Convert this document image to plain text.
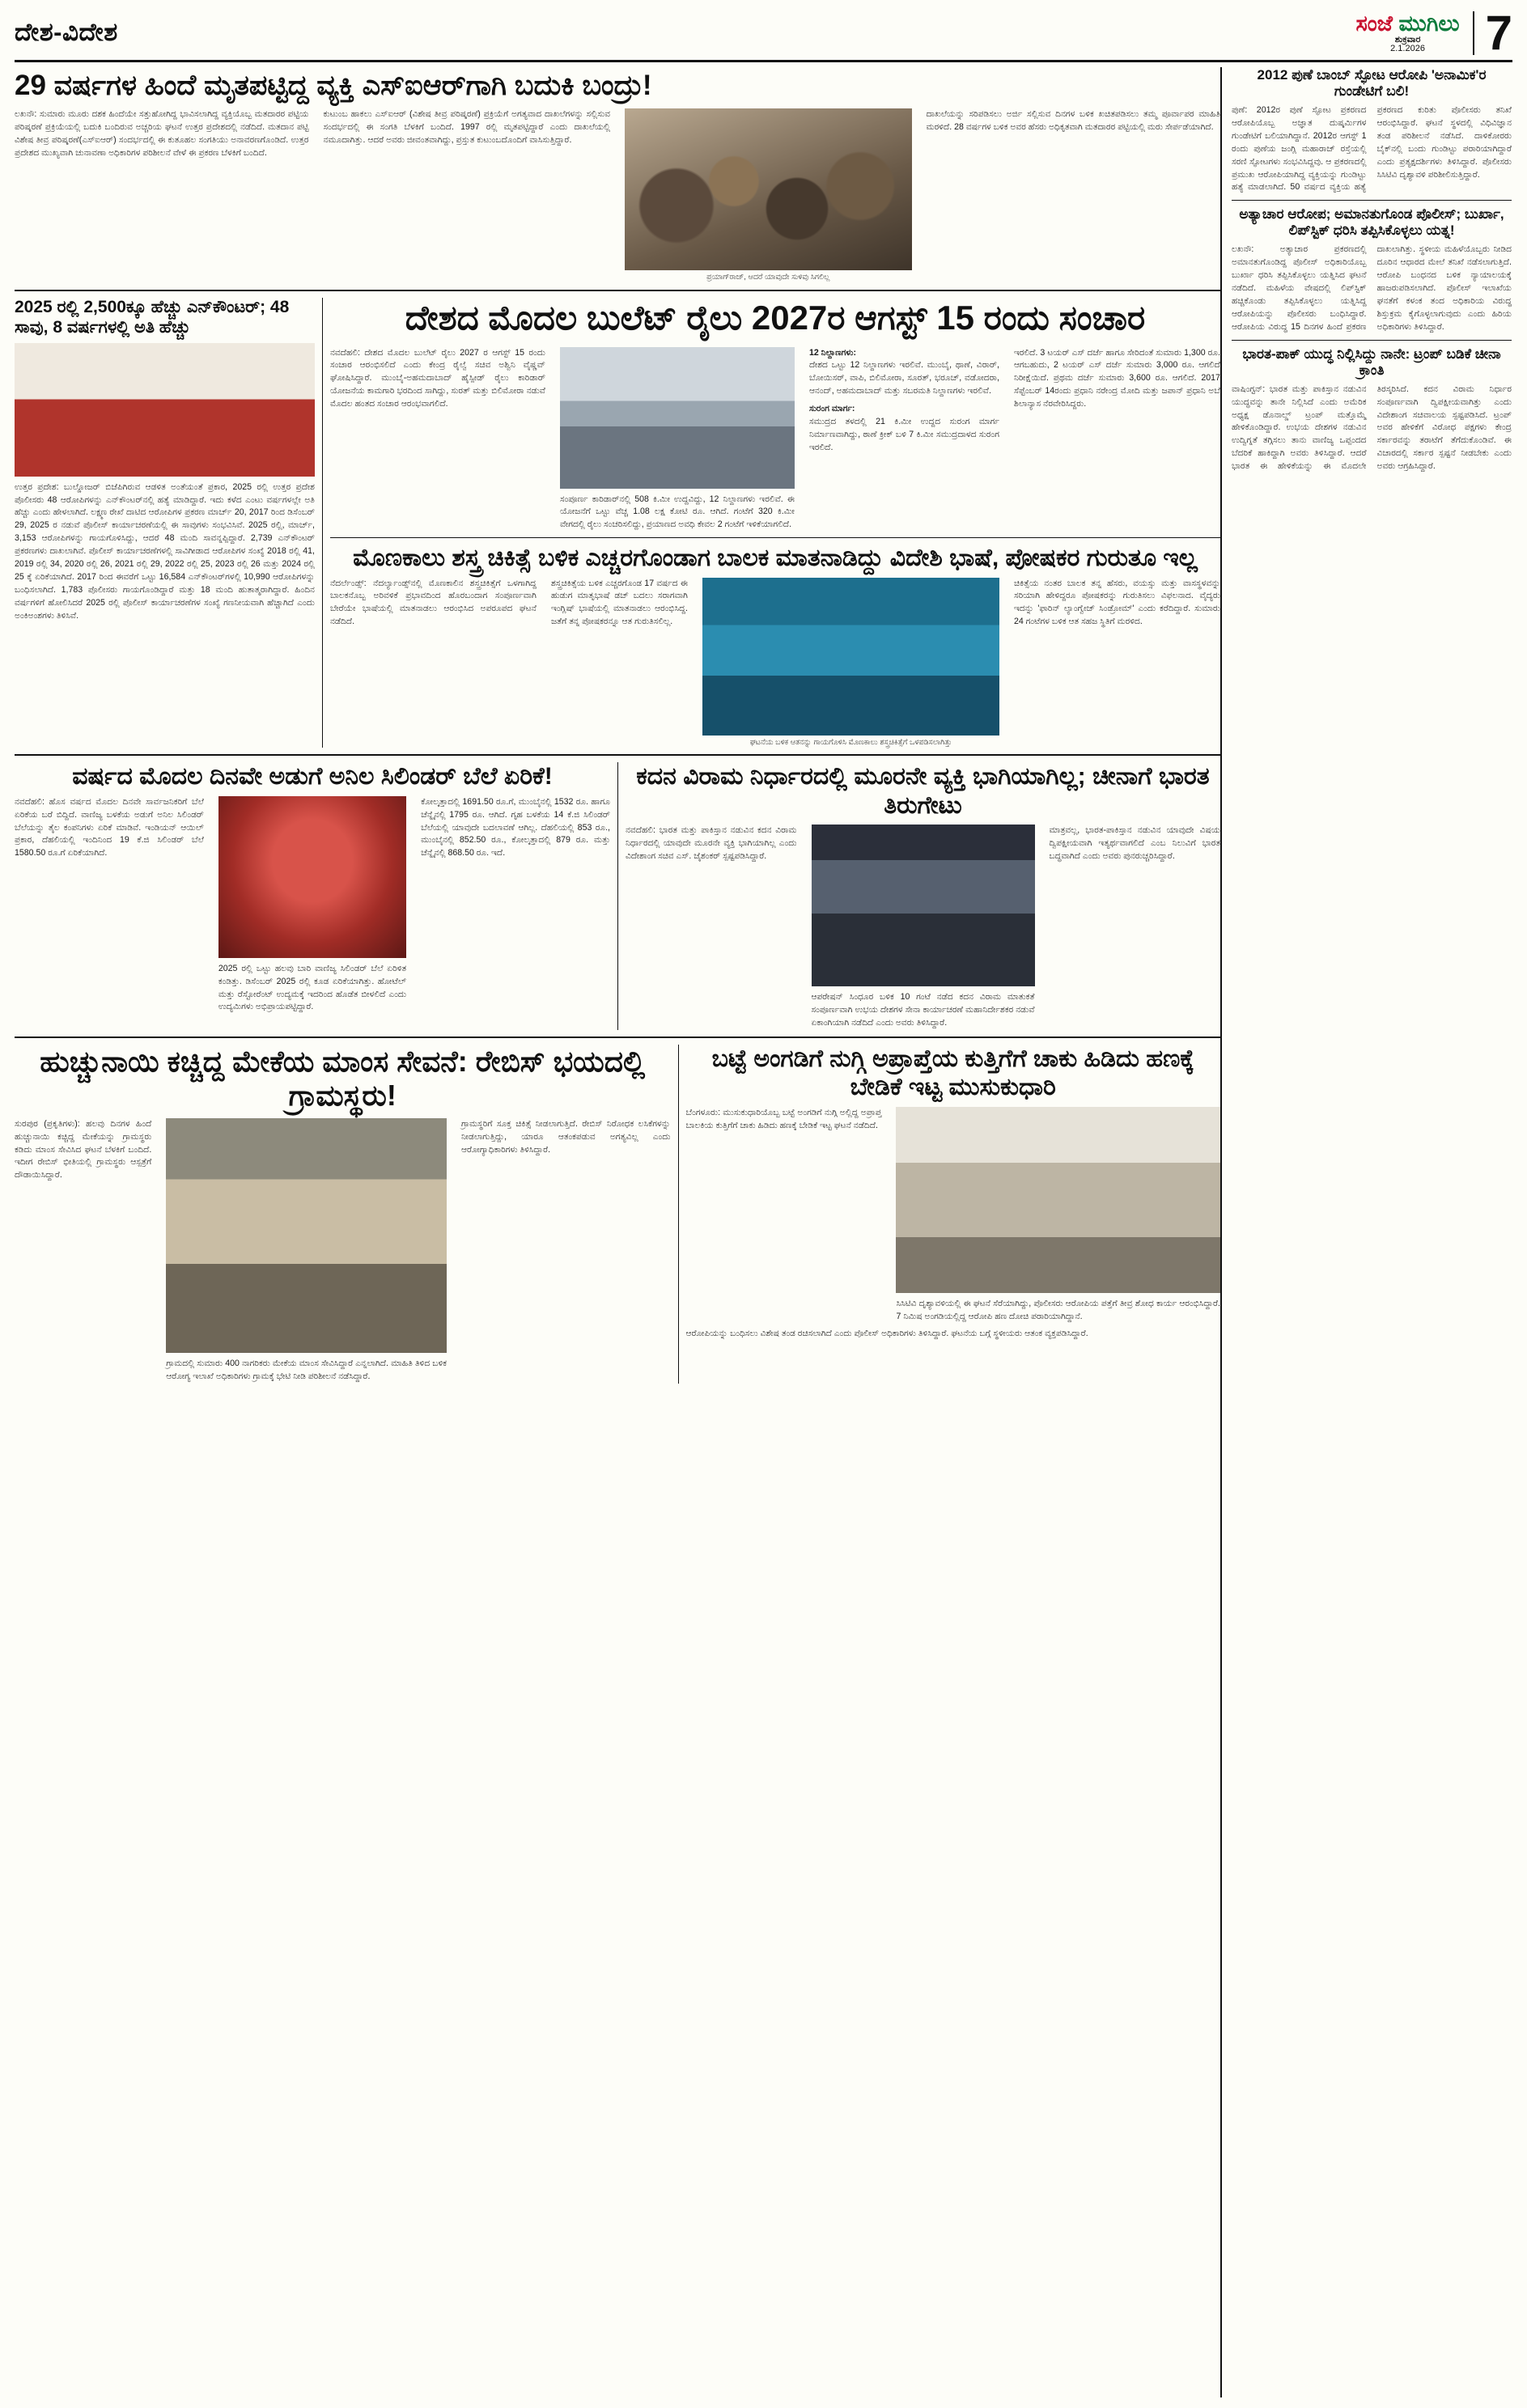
ದೇಶ-ವಿದೇಶ	ಸಂಜೆ ಮುಗಿಲು
ಶುಕ್ರವಾರ
2.1.2026	7
29 ವರ್ಷಗಳ ಹಿಂದೆ ಮೃತಪಟ್ಟಿದ್ದ ವ್ಯಕ್ತಿ ಎಸ್‌ಐಆರ್‌ಗಾಗಿ ಬದುಕಿ ಬಂದ್ರು!
ಲಖನೌ: ಸುಮಾರು ಮೂರು ದಶಕ ಹಿಂದೆಯೇ ಸತ್ತುಹೋಗಿದ್ದ ಭಾವಿಸಲಾಗಿದ್ದ ವ್ಯಕ್ತಿಯೊಬ್ಬ ಮತದಾರರ ಪಟ್ಟಿಯ ಪರಿಷ್ಕರಣೆ ಪ್ರಕ್ರಿಯೆಯಲ್ಲಿ ಬದುಕಿ ಬಂದಿರುವ ಅಚ್ಚರಿಯ ಘಟನೆ ಉತ್ತರ ಪ್ರದೇಶದಲ್ಲಿ ನಡೆದಿದೆ. ಮತದಾನ ಪಟ್ಟಿ ವಿಶೇಷ ತೀವ್ರ ಪರಿಷ್ಕರಣೆ(ಎಸ್‌ಐಆರ್) ಸಂದರ್ಭದಲ್ಲಿ ಈ ಕುತೂಹಲ ಸಂಗತಿಯು ಅನಾವರಣಗೊಂಡಿದೆ. ಉತ್ತರ ಪ್ರದೇಶದ ಮುಖ್ಯವಾಗಿ ಚುನಾವಣಾ ಅಧಿಕಾರಿಗಳ ಪರಿಶೀಲನೆ ವೇಳೆ ಈ ಪ್ರಕರಣ ಬೆಳಕಿಗೆ ಬಂದಿದೆ.
ಕುಟುಂಬ ಹಾಕಲು ಎಸ್‌ಐಆರ್ (ವಿಶೇಷ ತೀವ್ರ ಪರಿಷ್ಕರಣೆ) ಪ್ರಕ್ರಿಯೆಗೆ ಅಗತ್ಯವಾದ ದಾಖಲೆಗಳನ್ನು ಸಲ್ಲಿಸುವ ಸಂದರ್ಭದಲ್ಲಿ ಈ ಸಂಗತಿ ಬೆಳಕಿಗೆ ಬಂದಿದೆ. 1997 ರಲ್ಲಿ ಮೃತಪಟ್ಟಿದ್ದಾರೆ ಎಂದು ದಾಖಲೆಯಲ್ಲಿ ನಮೂದಾಗಿತ್ತು. ಆದರೆ ಅವರು ಜೀವಂತವಾಗಿದ್ದು, ಪ್ರಸ್ತುತ ಕುಟುಂಬದೊಂದಿಗೆ ವಾಸಿಸುತ್ತಿದ್ದಾರೆ.
ಪ್ರಯಾಗ್‌ರಾಜ್, ಆದರೆ ಯಾವುದೇ ಸುಳಿವು ಸಿಗಲಿಲ್ಲ
ದಾಖಲೆಯನ್ನು ಸರಿಪಡಿಸಲು ಅರ್ಜಿ ಸಲ್ಲಿಸುವ ದಿನಗಳ ಬಳಿಕ ಖಚಿತಪಡಿಸಲು ತಮ್ಮ ಪೂರ್ವಾಪರ ಮಾಹಿತಿ ಮರಳಿದೆ. 28 ವರ್ಷಗಳ ಬಳಿಕ ಅವರ ಹೆಸರು ಅಧಿಕೃತವಾಗಿ ಮತದಾರರ ಪಟ್ಟಿಯಲ್ಲಿ ಮರು ಸೇರ್ಪಡೆಯಾಗಿದೆ.
2025 ರಲ್ಲಿ 2,500ಕ್ಕೂ ಹೆಚ್ಚು ಎನ್‌ಕೌಂಟರ್; 48 ಸಾವು, 8 ವರ್ಷಗಳಲ್ಲಿ ಅತಿ ಹೆಚ್ಚು
ಉತ್ತರ ಪ್ರದೇಶ: ಬುಲ್ಡೋಜರ್ ಬಿಜೆಪಿಗಿರುವ ಆಡಳಿತ ಅಂತೆಯಂತೆ ಪ್ರಕಾರ, 2025 ರಲ್ಲಿ ಉತ್ತರ ಪ್ರದೇಶ ಪೊಲೀಸರು 48 ಆರೋಪಿಗಳನ್ನು ಎನ್‌ಕೌಂಟರ್‌ನಲ್ಲಿ ಹತ್ಯೆ ಮಾಡಿದ್ದಾರೆ. ಇದು ಕಳೆದ ಎಂಟು ವರ್ಷಗಳಲ್ಲೇ ಅತಿ ಹೆಚ್ಚು ಎಂದು ಹೇಳಲಾಗಿದೆ. ಲಕ್ಷ್ಮಣ ರೇಖೆ ದಾಟಿದ ಆರೋಪಿಗಳ ಪ್ರಕರಣ ಮಾರ್ಚ್ 20, 2017 ರಿಂದ ಡಿಸೆಂಬರ್ 29, 2025 ರ ನಡುವೆ ಪೊಲೀಸ್ ಕಾರ್ಯಾಚರಣೆಯಲ್ಲಿ ಈ ಸಾವುಗಳು ಸಂಭವಿಸಿವೆ. 2025 ರಲ್ಲಿ, ಮಾರ್ಚ್, 3,153 ಆರೋಪಿಗಳನ್ನು ಗಾಯಗೊಳಿಸಿದ್ದು, ಆದರೆ 48 ಮಂದಿ ಸಾವನ್ನಪ್ಪಿದ್ದಾರೆ. 2,739 ಎನ್‌ಕೌಂಟರ್ ಪ್ರಕರಣಗಳು ದಾಖಲಾಗಿವೆ. ಪೊಲೀಸ್ ಕಾರ್ಯಾಚರಣೆಗಳಲ್ಲಿ ಸಾವಿಗೀಡಾದ ಆರೋಪಿಗಳ ಸಂಖ್ಯೆ 2018 ರಲ್ಲಿ 41, 2019 ರಲ್ಲಿ 34, 2020 ರಲ್ಲಿ 26, 2021 ರಲ್ಲಿ 29, 2022 ರಲ್ಲಿ 25, 2023 ರಲ್ಲಿ 26 ಮತ್ತು 2024 ರಲ್ಲಿ 25 ಕ್ಕೆ ಏರಿಕೆಯಾಗಿದೆ. 2017 ರಿಂದ ಈವರೆಗೆ ಒಟ್ಟು 16,584 ಎನ್‌ಕೌಂಟರ್‌ಗಳಲ್ಲಿ 10,990 ಆರೋಪಿಗಳನ್ನು ಬಂಧಿಸಲಾಗಿದೆ. 1,783 ಪೊಲೀಸರು ಗಾಯಗೊಂಡಿದ್ದಾರೆ ಮತ್ತು 18 ಮಂದಿ ಹುತಾತ್ಮರಾಗಿದ್ದಾರೆ. ಹಿಂದಿನ ವರ್ಷಗಳಿಗೆ ಹೋಲಿಸಿದರೆ 2025 ರಲ್ಲಿ ಪೊಲೀಸ್ ಕಾರ್ಯಾಚರಣೆಗಳ ಸಂಖ್ಯೆ ಗಣನೀಯವಾಗಿ ಹೆಚ್ಚಾಗಿದೆ ಎಂದು ಅಂಕಿಅಂಶಗಳು ತಿಳಿಸಿವೆ.
ದೇಶದ ಮೊದಲ ಬುಲೆಟ್ ರೈಲು 2027ರ ಆಗಸ್ಟ್ 15 ರಂದು ಸಂಚಾರ
ನವದೆಹಲಿ: ದೇಶದ ಮೊದಲ ಬುಲೆಟ್ ರೈಲು 2027 ರ ಆಗಸ್ಟ್ 15 ರಂದು ಸಂಚಾರ ಆರಂಭಿಸಲಿದೆ ಎಂದು ಕೇಂದ್ರ ರೈಲ್ವೆ ಸಚಿವ ಅಶ್ವಿನಿ ವೈಷ್ಣವ್ ಘೋಷಿಸಿದ್ದಾರೆ. ಮುಂಬೈ-ಅಹಮದಾಬಾದ್ ಹೈಸ್ಪೀಡ್ ರೈಲು ಕಾರಿಡಾರ್ ಯೋಜನೆಯ ಕಾಮಗಾರಿ ಭರದಿಂದ ಸಾಗಿದ್ದು, ಸುರತ್ ಮತ್ತು ಬಿಲಿಮೋರಾ ನಡುವೆ ಮೊದಲ ಹಂತದ ಸಂಚಾರ ಆರಂಭವಾಗಲಿದೆ.
ಸಂಪೂರ್ಣ ಕಾರಿಡಾರ್‌ನಲ್ಲಿ 508 ಕಿ.ಮೀ ಉದ್ದವಿದ್ದು, 12 ನಿಲ್ದಾಣಗಳು ಇರಲಿವೆ. ಈ ಯೋಜನೆಗೆ ಒಟ್ಟು ವೆಚ್ಚ 1.08 ಲಕ್ಷ ಕೋಟಿ ರೂ. ಆಗಿದೆ. ಗಂಟೆಗೆ 320 ಕಿ.ಮೀ ವೇಗದಲ್ಲಿ ರೈಲು ಸಂಚರಿಸಲಿದ್ದು, ಪ್ರಯಾಣದ ಅವಧಿ ಕೇವಲ 2 ಗಂಟೆಗೆ ಇಳಿಕೆಯಾಗಲಿದೆ.
12 ನಿಲ್ದಾಣಗಳು:
ದೇಶದ ಒಟ್ಟು 12 ನಿಲ್ದಾಣಗಳು ಇರಲಿವೆ. ಮುಂಬೈ, ಥಾಣೆ, ವಿರಾರ್, ಬೋಯಿಸರ್, ವಾಪಿ, ಬಿಲಿಮೋರಾ, ಸೂರತ್, ಭರೂಚ್, ವಡೋದರಾ, ಆನಂದ್, ಅಹಮದಾಬಾದ್ ಮತ್ತು ಸಬರಮತಿ ನಿಲ್ದಾಣಗಳು ಇರಲಿವೆ.
ಸುರಂಗ ಮಾರ್ಗ:
ಸಮುದ್ರದ ತಳದಲ್ಲಿ 21 ಕಿ.ಮೀ ಉದ್ದದ ಸುರಂಗ ಮಾರ್ಗ ನಿರ್ಮಾಣವಾಗಿದ್ದು, ಠಾಣೆ ಕ್ರೀಕ್ ಬಳಿ 7 ಕಿ.ಮೀ ಸಮುದ್ರದಾಳದ ಸುರಂಗ ಇರಲಿದೆ.
ಇರಲಿದೆ. 3 ಟಯರ್ ಎಸ್ ದರ್ಜೆ ಹಾಗೂ ಸೇರಿದಂತೆ ಸುಮಾರು 1,300 ರೂ. ಆಗಬಹುದು, 2 ಟಯರ್ ಎಸ್ ದರ್ಜೆ ಸುಮಾರು 3,000 ರೂ. ಆಗಲಿದೆ ನಿರೀಕ್ಷೆಯಿದೆ. ಪ್ರಥಮ ದರ್ಜೆ ಸುಮಾರು 3,600 ರೂ. ಆಗಲಿದೆ. 2017 ಸೆಪ್ಟೆಂಬರ್ 14ರಂದು ಪ್ರಧಾನಿ ನರೇಂದ್ರ ಮೋದಿ ಮತ್ತು ಜಪಾನ್ ಪ್ರಧಾನಿ ಅಬೆ ಶಿಲಾನ್ಯಾಸ ನೆರವೇರಿಸಿದ್ದರು.
ಮೊಣಕಾಲು ಶಸ್ತ್ರ ಚಿಕಿತ್ಸೆ ಬಳಿಕ ಎಚ್ಚರಗೊಂಡಾಗ ಬಾಲಕ ಮಾತನಾಡಿದ್ದು ವಿದೇಶಿ ಭಾಷೆ, ಪೋಷಕರ ಗುರುತೂ ಇಲ್ಲ
ನೆದರ್ಲೆಂಡ್ಸ್: ನೆದರ್ಲ್ಯಾಂಡ್ಸ್‌ನಲ್ಲಿ ಮೊಣಕಾಲಿನ ಶಸ್ತ್ರಚಿಕಿತ್ಸೆಗೆ ಒಳಗಾಗಿದ್ದ ಬಾಲಕನೊಬ್ಬ ಅರಿವಳಿಕೆ ಪ್ರಭಾವದಿಂದ ಹೊರಬಂದಾಗ ಸಂಪೂರ್ಣವಾಗಿ ಬೇರೆಯೇ ಭಾಷೆಯಲ್ಲಿ ಮಾತನಾಡಲು ಆರಂಭಿಸಿದ ಅಪರೂಪದ ಘಟನೆ ನಡೆದಿದೆ.
ಶಸ್ತ್ರಚಿಕಿತ್ಸೆಯ ಬಳಿಕ ಎಚ್ಚರಗೊಂಡ 17 ವರ್ಷದ ಈ ಹುಡುಗ ಮಾತೃಭಾಷೆ ಡಚ್ ಬದಲು ಸರಾಗವಾಗಿ ಇಂಗ್ಲಿಷ್ ಭಾಷೆಯಲ್ಲಿ ಮಾತನಾಡಲು ಆರಂಭಿಸಿದ್ದ. ಜತೆಗೆ ತನ್ನ ಪೋಷಕರನ್ನೂ ಆತ ಗುರುತಿಸಲಿಲ್ಲ.
ಘಟನೆಯ ಬಳಿಕ ಆತನನ್ನು ಗಾಯಗೊಳಿಸಿ ಮೊಣಕಾಲು ಶಸ್ತ್ರಚಿಕಿತ್ಸೆಗೆ ಒಳಪಡಿಸಲಾಗಿತ್ತು
ಚಿಕಿತ್ಸೆಯ ನಂತರ ಬಾಲಕ ತನ್ನ ಹೆಸರು, ವಯಸ್ಸು ಮತ್ತು ವಾಸಸ್ಥಳವನ್ನು ಸರಿಯಾಗಿ ಹೇಳಿದ್ದರೂ ಪೋಷಕರನ್ನು ಗುರುತಿಸಲು ವಿಫಲನಾದ. ವೈದ್ಯರು ಇದನ್ನು 'ಫಾರಿನ್ ಲ್ಯಾಂಗ್ವೇಜ್ ಸಿಂಡ್ರೋಮ್' ಎಂದು ಕರೆದಿದ್ದಾರೆ. ಸುಮಾರು 24 ಗಂಟೆಗಳ ಬಳಿಕ ಆತ ಸಹಜ ಸ್ಥಿತಿಗೆ ಮರಳಿದ.
ವರ್ಷದ ಮೊದಲ ದಿನವೇ ಅಡುಗೆ ಅನಿಲ ಸಿಲಿಂಡರ್ ಬೆಲೆ ಏರಿಕೆ!
ನವದೆಹಲಿ: ಹೊಸ ವರ್ಷದ ಮೊದಲ ದಿನವೇ ಸಾರ್ವಜನಿಕರಿಗೆ ಬೆಲೆ ಏರಿಕೆಯ ಬರೆ ಬಿದ್ದಿದೆ. ವಾಣಿಜ್ಯ ಬಳಕೆಯ ಅಡುಗೆ ಅನಿಲ ಸಿಲಿಂಡರ್ ಬೆಲೆಯನ್ನು ತೈಲ ಕಂಪನಿಗಳು ಏರಿಕೆ ಮಾಡಿವೆ. ಇಂಡಿಯನ್ ಆಯಿಲ್ ಪ್ರಕಾರ, ದೆಹಲಿಯಲ್ಲಿ ಇಂದಿನಿಂದ 19 ಕೆ.ಜಿ ಸಿಲಿಂಡರ್ ಬೆಲೆ 1580.50 ರೂ.ಗೆ ಏರಿಕೆಯಾಗಿದೆ.
2025 ರಲ್ಲಿ ಒಟ್ಟು ಹಲವು ಬಾರಿ ವಾಣಿಜ್ಯ ಸಿಲಿಂಡರ್ ಬೆಲೆ ಏರಿಳಿತ ಕಂಡಿತ್ತು. ಡಿಸೆಂಬರ್ 2025 ರಲ್ಲಿ ಕೂಡ ಏರಿಕೆಯಾಗಿತ್ತು. ಹೋಟೆಲ್ ಮತ್ತು ರೆಸ್ಟೋರೆಂಟ್ ಉದ್ಯಮಕ್ಕೆ ಇದರಿಂದ ಹೊಡೆತ ಬೀಳಲಿದೆ ಎಂದು ಉದ್ಯಮಿಗಳು ಅಭಿಪ್ರಾಯಪಟ್ಟಿದ್ದಾರೆ.
ಕೋಲ್ಕತ್ತಾದಲ್ಲಿ 1691.50 ರೂ.ಗೆ, ಮುಂಬೈನಲ್ಲಿ 1532 ರೂ. ಹಾಗೂ ಚೆನ್ನೈನಲ್ಲಿ 1795 ರೂ. ಆಗಿದೆ. ಗೃಹ ಬಳಕೆಯ 14 ಕೆ.ಜಿ ಸಿಲಿಂಡರ್ ಬೆಲೆಯಲ್ಲಿ ಯಾವುದೇ ಬದಲಾವಣೆ ಆಗಿಲ್ಲ. ದೆಹಲಿಯಲ್ಲಿ 853 ರೂ., ಮುಂಬೈನಲ್ಲಿ 852.50 ರೂ., ಕೋಲ್ಕತ್ತಾದಲ್ಲಿ 879 ರೂ. ಮತ್ತು ಚೆನ್ನೈನಲ್ಲಿ 868.50 ರೂ. ಇದೆ.
ಕದನ ವಿರಾಮ ನಿರ್ಧಾರದಲ್ಲಿ ಮೂರನೇ ವ್ಯಕ್ತಿ ಭಾಗಿಯಾಗಿಲ್ಲ; ಚೀನಾಗೆ ಭಾರತ ತಿರುಗೇಟು
ನವದೆಹಲಿ: ಭಾರತ ಮತ್ತು ಪಾಕಿಸ್ತಾನ ನಡುವಿನ ಕದನ ವಿರಾಮ ನಿರ್ಧಾರದಲ್ಲಿ ಯಾವುದೇ ಮೂರನೇ ವ್ಯಕ್ತಿ ಭಾಗಿಯಾಗಿಲ್ಲ ಎಂದು ವಿದೇಶಾಂಗ ಸಚಿವ ಎಸ್. ಜೈಶಂಕರ್ ಸ್ಪಷ್ಟಪಡಿಸಿದ್ದಾರೆ.
ಆಪರೇಷನ್ ಸಿಂಧೂರ ಬಳಿಕ 10 ಗಂಟೆ ನಡೆದ ಕದನ ವಿರಾಮ ಮಾತುಕತೆ ಸಂಪೂರ್ಣವಾಗಿ ಉಭಯ ದೇಶಗಳ ಸೇನಾ ಕಾರ್ಯಾಚರಣೆ ಮಹಾನಿರ್ದೇಶಕರ ನಡುವೆ ಏಕಾಂಗಿಯಾಗಿ ನಡೆದಿದೆ ಎಂದು ಅವರು ತಿಳಿಸಿದ್ದಾರೆ.
ಮಾತ್ರವಲ್ಲ, ಭಾರತ-ಪಾಕಿಸ್ತಾನ ನಡುವಿನ ಯಾವುದೇ ವಿಷಯ ದ್ವಿಪಕ್ಷೀಯವಾಗಿ ಇತ್ಯರ್ಥವಾಗಲಿದೆ ಎಂಬ ನಿಲುವಿಗೆ ಭಾರತ ಬದ್ಧವಾಗಿದೆ ಎಂದು ಅವರು ಪುನರುಚ್ಚರಿಸಿದ್ದಾರೆ.
ಹುಚ್ಚುನಾಯಿ ಕಚ್ಚಿದ್ದ ಮೇಕೆಯ ಮಾಂಸ ಸೇವನೆ: ರೇಬಿಸ್ ಭಯದಲ್ಲಿ ಗ್ರಾಮಸ್ಥರು!
ಸುರಪುರ (ಪ್ರಕೃತಿಗಳು): ಹಲವು ದಿನಗಳ ಹಿಂದೆ ಹುಚ್ಚುನಾಯಿ ಕಚ್ಚಿದ್ದ ಮೇಕೆಯನ್ನು ಗ್ರಾಮಸ್ಥರು ಕಡಿದು ಮಾಂಸ ಸೇವಿಸಿದ ಘಟನೆ ಬೆಳಕಿಗೆ ಬಂದಿದೆ. ಇದೀಗ ರೇಬಿಸ್ ಭೀತಿಯಲ್ಲಿ ಗ್ರಾಮಸ್ಥರು ಆಸ್ಪತ್ರೆಗೆ ದೌಡಾಯಿಸಿದ್ದಾರೆ.
ಗ್ರಾಮದಲ್ಲಿ ಸುಮಾರು 400 ನಾಗರಿಕರು ಮೇಕೆಯ ಮಾಂಸ ಸೇವಿಸಿದ್ದಾರೆ ಎನ್ನಲಾಗಿದೆ. ಮಾಹಿತಿ ತಿಳಿದ ಬಳಿಕ ಆರೋಗ್ಯ ಇಲಾಖೆ ಅಧಿಕಾರಿಗಳು ಗ್ರಾಮಕ್ಕೆ ಭೇಟಿ ನೀಡಿ ಪರಿಶೀಲನೆ ನಡೆಸಿದ್ದಾರೆ.
ಗ್ರಾಮಸ್ಥರಿಗೆ ಸೂಕ್ತ ಚಿಕಿತ್ಸೆ ನೀಡಲಾಗುತ್ತಿದೆ. ರೇಬಿಸ್ ನಿರೋಧಕ ಲಸಿಕೆಗಳನ್ನು ನೀಡಲಾಗುತ್ತಿದ್ದು, ಯಾರೂ ಆತಂಕಪಡುವ ಅಗತ್ಯವಿಲ್ಲ ಎಂದು ಆರೋಗ್ಯಾಧಿಕಾರಿಗಳು ತಿಳಿಸಿದ್ದಾರೆ.
ಬಟ್ಟೆ ಅಂಗಡಿಗೆ ನುಗ್ಗಿ ಅಪ್ರಾಪ್ತೆಯ ಕುತ್ತಿಗೆಗೆ ಚಾಕು ಹಿಡಿದು ಹಣಕ್ಕೆ ಬೇಡಿಕೆ ಇಟ್ಟ ಮುಸುಕುಧಾರಿ
ಬೆಂಗಳೂರು: ಮುಸುಕುಧಾರಿಯೊಬ್ಬ ಬಟ್ಟೆ ಅಂಗಡಿಗೆ ನುಗ್ಗಿ ಅಲ್ಲಿದ್ದ ಅಪ್ರಾಪ್ತ ಬಾಲಕಿಯ ಕುತ್ತಿಗೆಗೆ ಚಾಕು ಹಿಡಿದು ಹಣಕ್ಕೆ ಬೇಡಿಕೆ ಇಟ್ಟ ಘಟನೆ ನಡೆದಿದೆ.
ಸಿಸಿಟಿವಿ ದೃಶ್ಯಾವಳಿಯಲ್ಲಿ ಈ ಘಟನೆ ಸೆರೆಯಾಗಿದ್ದು, ಪೊಲೀಸರು ಆರೋಪಿಯ ಪತ್ತೆಗೆ ತೀವ್ರ ಶೋಧ ಕಾರ್ಯ ಆರಂಭಿಸಿದ್ದಾರೆ. 7 ನಿಮಿಷ ಅಂಗಡಿಯಲ್ಲಿದ್ದ ಆರೋಪಿ ಹಣ ದೋಚಿ ಪರಾರಿಯಾಗಿದ್ದಾನೆ.
ಆರೋಪಿಯನ್ನು ಬಂಧಿಸಲು ವಿಶೇಷ ತಂಡ ರಚಿಸಲಾಗಿದೆ ಎಂದು ಪೊಲೀಸ್ ಅಧಿಕಾರಿಗಳು ತಿಳಿಸಿದ್ದಾರೆ. ಘಟನೆಯ ಬಗ್ಗೆ ಸ್ಥಳೀಯರು ಆತಂಕ ವ್ಯಕ್ತಪಡಿಸಿದ್ದಾರೆ.
2012 ಪುಣೆ ಬಾಂಬ್ ಸ್ಫೋಟ ಆರೋಪಿ 'ಅನಾಮಿಕ'ರ ಗುಂಡೇಟಿಗೆ ಬಲಿ!
ಪುಣೆ: 2012ರ ಪುಣೆ ಸ್ಫೋಟ ಪ್ರಕರಣದ ಆರೋಪಿಯೊಬ್ಬ ಅಜ್ಞಾತ ದುಷ್ಕರ್ಮಿಗಳ ಗುಂಡೇಟಿಗೆ ಬಲಿಯಾಗಿದ್ದಾನೆ. 2012ರ ಆಗಸ್ಟ್ 1 ರಂದು ಪುಣೆಯ ಜಂಗ್ಲಿ ಮಹಾರಾಜ್ ರಸ್ತೆಯಲ್ಲಿ ಸರಣಿ ಸ್ಫೋಟಗಳು ಸಂಭವಿಸಿದ್ದವು. ಆ ಪ್ರಕರಣದಲ್ಲಿ ಪ್ರಮುಖ ಆರೋಪಿಯಾಗಿದ್ದ ವ್ಯಕ್ತಿಯನ್ನು ಗುಂಡಿಟ್ಟು ಹತ್ಯೆ ಮಾಡಲಾಗಿದೆ. 50 ವರ್ಷದ ವ್ಯಕ್ತಿಯ ಹತ್ಯೆ ಪ್ರಕರಣದ ಕುರಿತು ಪೊಲೀಸರು ತನಿಖೆ ಆರಂಭಿಸಿದ್ದಾರೆ. ಘಟನೆ ಸ್ಥಳದಲ್ಲಿ ವಿಧಿವಿಜ್ಞಾನ ತಂಡ ಪರಿಶೀಲನೆ ನಡೆಸಿದೆ. ದಾಳಿಕೋರರು ಬೈಕ್‌ನಲ್ಲಿ ಬಂದು ಗುಂಡಿಟ್ಟು ಪರಾರಿಯಾಗಿದ್ದಾರೆ ಎಂದು ಪ್ರತ್ಯಕ್ಷದರ್ಶಿಗಳು ತಿಳಿಸಿದ್ದಾರೆ. ಪೊಲೀಸರು ಸಿಸಿಟಿವಿ ದೃಶ್ಯಾವಳಿ ಪರಿಶೀಲಿಸುತ್ತಿದ್ದಾರೆ.
ಅತ್ಯಾಚಾರ ಆರೋಪ; ಅಮಾನತುಗೊಂಡ ಪೊಲೀಸ್; ಬುರ್ಖಾ, ಲಿಪ್‌ಸ್ಟಿಕ್ ಧರಿಸಿ ತಪ್ಪಿಸಿಕೊಳ್ಳಲು ಯತ್ನ!
ಲಖನೌ: ಅತ್ಯಾಚಾರ ಪ್ರಕರಣದಲ್ಲಿ ಅಮಾನತುಗೊಂಡಿದ್ದ ಪೊಲೀಸ್ ಅಧಿಕಾರಿಯೊಬ್ಬ ಬುರ್ಖಾ ಧರಿಸಿ ತಪ್ಪಿಸಿಕೊಳ್ಳಲು ಯತ್ನಿಸಿದ ಘಟನೆ ನಡೆದಿದೆ. ಮಹಿಳೆಯ ವೇಷದಲ್ಲಿ ಲಿಪ್‌ಸ್ಟಿಕ್ ಹಚ್ಚಿಕೊಂಡು ತಪ್ಪಿಸಿಕೊಳ್ಳಲು ಯತ್ನಿಸಿದ್ದ ಆರೋಪಿಯನ್ನು ಪೊಲೀಸರು ಬಂಧಿಸಿದ್ದಾರೆ. ಆರೋಪಿಯ ವಿರುದ್ಧ 15 ದಿನಗಳ ಹಿಂದೆ ಪ್ರಕರಣ ದಾಖಲಾಗಿತ್ತು. ಸ್ಥಳೀಯ ಮಹಿಳೆಯೊಬ್ಬರು ನೀಡಿದ ದೂರಿನ ಆಧಾರದ ಮೇಲೆ ತನಿಖೆ ನಡೆಸಲಾಗುತ್ತಿದೆ. ಆರೋಪಿ ಬಂಧನದ ಬಳಿಕ ನ್ಯಾಯಾಲಯಕ್ಕೆ ಹಾಜರುಪಡಿಸಲಾಗಿದೆ. ಪೊಲೀಸ್ ಇಲಾಖೆಯ ಘನತೆಗೆ ಕಳಂಕ ತಂದ ಅಧಿಕಾರಿಯ ವಿರುದ್ಧ ಶಿಸ್ತುಕ್ರಮ ಕೈಗೊಳ್ಳಲಾಗುವುದು ಎಂದು ಹಿರಿಯ ಅಧಿಕಾರಿಗಳು ತಿಳಿಸಿದ್ದಾರೆ.
ಭಾರತ-ಪಾಕ್ ಯುದ್ಧ ನಿಲ್ಲಿಸಿದ್ದು ನಾನೇ: ಟ್ರಂಪ್ ಬಡಿಕೆ ಚೀನಾ ಕ್ರಾಂತಿ
ವಾಷಿಂಗ್ಟನ್: ಭಾರತ ಮತ್ತು ಪಾಕಿಸ್ತಾನ ನಡುವಿನ ಯುದ್ಧವನ್ನು ತಾನೇ ನಿಲ್ಲಿಸಿದೆ ಎಂದು ಅಮೆರಿಕ ಅಧ್ಯಕ್ಷ ಡೊನಾಲ್ಡ್ ಟ್ರಂಪ್ ಮತ್ತೊಮ್ಮೆ ಹೇಳಿಕೊಂಡಿದ್ದಾರೆ. ಉಭಯ ದೇಶಗಳ ನಡುವಿನ ಉದ್ವಿಗ್ನತೆ ತಗ್ಗಿಸಲು ತಾನು ವಾಣಿಜ್ಯ ಒಪ್ಪಂದದ ಬೆದರಿಕೆ ಹಾಕಿದ್ದಾಗಿ ಅವರು ತಿಳಿಸಿದ್ದಾರೆ. ಆದರೆ ಭಾರತ ಈ ಹೇಳಿಕೆಯನ್ನು ಈ ಮೊದಲೇ ತಿರಸ್ಕರಿಸಿದೆ. ಕದನ ವಿರಾಮ ನಿರ್ಧಾರ ಸಂಪೂರ್ಣವಾಗಿ ದ್ವಿಪಕ್ಷೀಯವಾಗಿತ್ತು ಎಂದು ವಿದೇಶಾಂಗ ಸಚಿವಾಲಯ ಸ್ಪಷ್ಟಪಡಿಸಿದೆ. ಟ್ರಂಪ್ ಅವರ ಹೇಳಿಕೆಗೆ ವಿರೋಧ ಪಕ್ಷಗಳು ಕೇಂದ್ರ ಸರ್ಕಾರವನ್ನು ತರಾಟೆಗೆ ತೆಗೆದುಕೊಂಡಿವೆ. ಈ ವಿಚಾರದಲ್ಲಿ ಸರ್ಕಾರ ಸ್ಪಷ್ಟನೆ ನೀಡಬೇಕು ಎಂದು ಅವರು ಆಗ್ರಹಿಸಿದ್ದಾರೆ.
